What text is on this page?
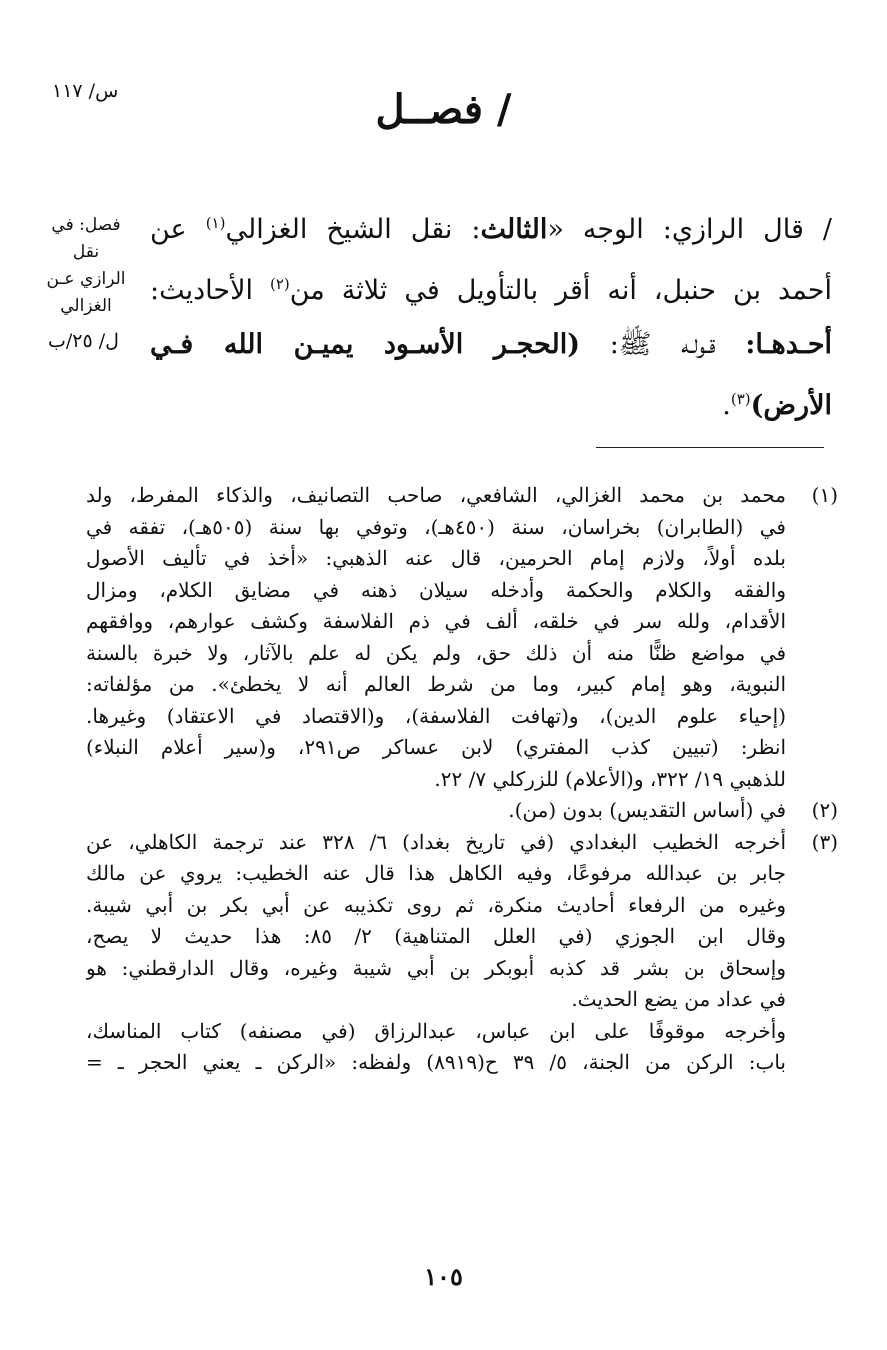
س/ ١١٧	/ فصــل
فصل: في نقل
الرازي عـن
الغزالي
ل/ ٢٥/ب
/ قال الرازي: الوجه «الثالث: نقل الشيخ الغزالي$^{(١)}$ عن
أحمد بن حنبل، أنه أقر بالتأويل في ثلاثة من$^{(٢)}$ الأحاديث:
أحـدهـا: قـولـه ﷺ: (الحجـر الأسـود يميـن الله فـي
الأرض)$^{(٣)}$.
(١)
محمد بن محمد الغزالي، الشافعي، صاحب التصانيف، والذكاء المفرط، ولد
في (الطابران) بخراسان، سنة (٤٥٠هـ)، وتوفي بها سنة (٥٠٥هـ)، تفقه في
بلده أولاً، ولازم إمام الحرمين، قال عنه الذهبي: «أخذ في تأليف الأصول
والفقه والكلام والحكمة وأدخله سيلان ذهنه في مضايق الكلام، ومزال
الأقدام، ولله سر في خلقه، ألف في ذم الفلاسفة وكشف عوارهم، ووافقهم
في مواضع ظنًّا منه أن ذلك حق، ولم يكن له علم بالآثار، ولا خبرة بالسنة
النبوية، وهو إمام كبير، وما من شرط العالم أنه لا يخطئ». من مؤلفاته:
(إحياء علوم الدين)، و(تهافت الفلاسفة)، و(الاقتصاد في الاعتقاد) وغيرها.
انظر: (تبيين كذب المفتري) لابن عساكر ص٢٩١، و(سير أعلام النبلاء)
للذهبي ١٩/ ٣٢٢، و(الأعلام) للزركلي ٧/ ٢٢.
(٢)
في (أساس التقديس) بدون (من).
(٣)
أخرجه الخطيب البغدادي (في تاريخ بغداد) ٦/ ٣٢٨ عند ترجمة الكاهلي، عن
جابر بن عبدالله مرفوعًا، وفيه الكاهل هذا قال عنه الخطيب: يروي عن مالك
وغيره من الرفعاء أحاديث منكرة، ثم روى تكذيبه عن أبي بكر بن أبي شيبة.
وقال ابن الجوزي (في العلل المتناهية) ٢/ ٨٥: هذا حديث لا يصح،
وإسحاق بن بشر قد كذبه أبوبكر بن أبي شيبة وغيره، وقال الدارقطني: هو
في عداد من يضع الحديث.
وأخرجه موقوفًا على ابن عباس، عبدالرزاق (في مصنفه) كتاب المناسك،
باب: الركن من الجنة، ٥/ ٣٩ ح(٨٩١٩) ولفظه: «الركن ـ يعني الحجر ـ =
١٠٥
